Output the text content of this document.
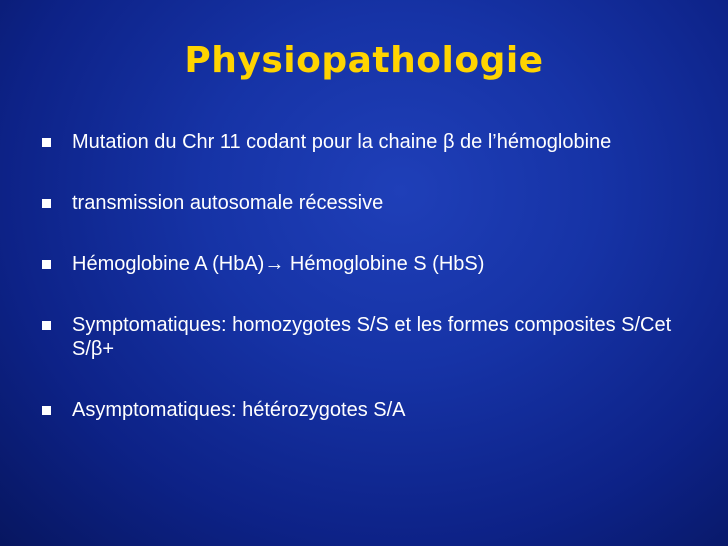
Physiopathologie
Mutation du Chr 11 codant pour la chaine β de l’hémoglobine
transmission autosomale récessive
Hémoglobine A (HbA)→ Hémoglobine S (HbS)
Symptomatiques: homozygotes S/S et les formes composites S/Cet S/β+
Asymptomatiques: hétérozygotes S/A
